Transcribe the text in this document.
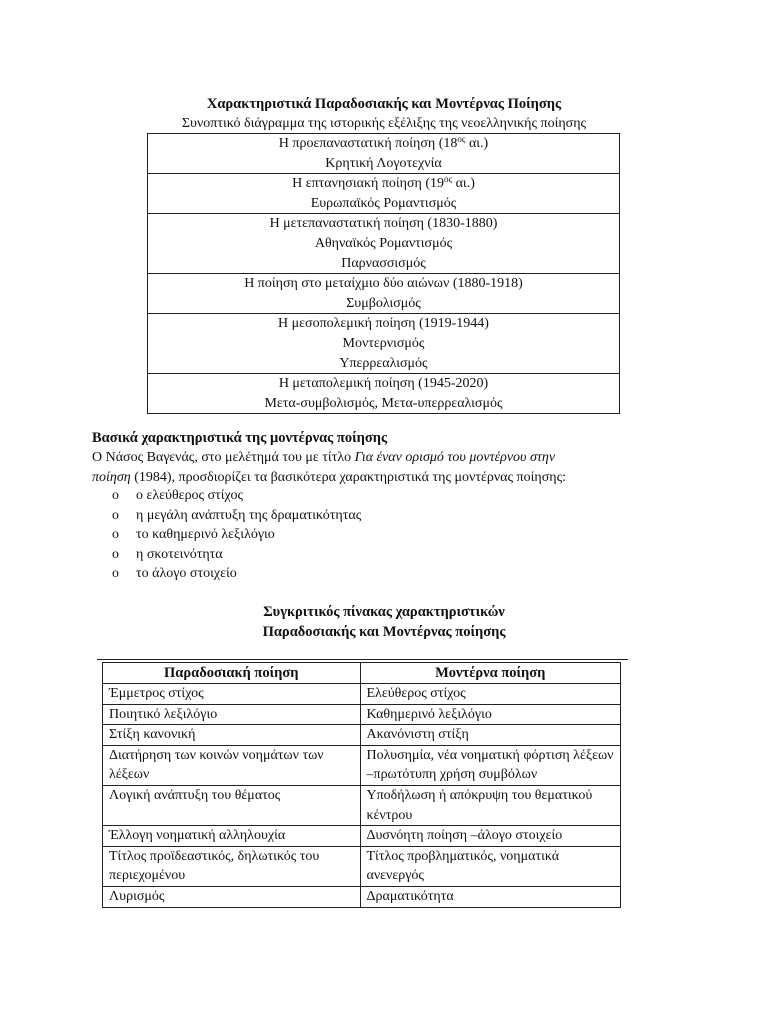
Χαρακτηριστικά Παραδοσιακής και Μοντέρνας Ποίησης
Συνοπτικό διάγραμμα της ιστορικής εξέλιξης της νεοελληνικής ποίησης
Η προεπαναστατική ποίηση ($18^{o\varsigma}$ αι.)
Κρητική Λογοτεχνία

Η επτανησιακή ποίηση ($19^{o\varsigma}$ αι.)
Ευρωπαϊκός Ρομαντισμός

Η μετεπαναστατική ποίηση (1830-1880)
Αθηναϊκός Ρομαντισμός
Παρνασσισμός

Η ποίηση στο μεταίχμιο δύο αιώνων (1880-1918)
Συμβολισμός

Η μεσοπολεμική ποίηση (1919-1944)
Μοντερνισμός
Υπερρεαλισμός

Η μεταπολεμική ποίηση (1945-2020)
Μετα-συμβολισμός, Μετα-υπερρεαλισμός
Βασικά χαρακτηριστικά της μοντέρνας ποίησης
Ο Νάσος Βαγενάς, στο μελέτημά του με τίτλο Για έναν ορισμό του μοντέρνου στην
ποίηση (1984), προσδιορίζει τα βασικότερα χαρακτηριστικά της μοντέρνας ποίησης:
o ο ελεύθερος στίχος
o η μεγάλη ανάπτυξη της δραματικότητας
o το καθημερινό λεξιλόγιο
o η σκοτεινότητα
o το άλογο στοιχείο
Συγκριτικός πίνακας χαρακτηριστικών
Παραδοσιακής και Μοντέρνας ποίησης
Παραδοσιακή ποίηση	Μοντέρνα ποίηση
Έμμετρος στίχος	Ελεύθερος στίχος
Ποιητικό λεξιλόγιο	Καθημερινό λεξιλόγιο
Στίξη κανονική	Ακανόνιστη στίξη
Διατήρηση των κοινών νοημάτων των λέξεων	Πολυσημία, νέα νοηματική φόρτιση λέξεων –πρωτότυπη χρήση συμβόλων
Λογική ανάπτυξη του θέματος	Υποδήλωση ή απόκρυψη του θεματικού κέντρου
Έλλογη νοηματική αλληλουχία	Δυσνόητη ποίηση –άλογο στοιχείο
Τίτλος προϊδεαστικός, δηλωτικός του περιεχομένου	Τίτλος προβληματικός, νοηματικά ανενεργός
Λυρισμός	Δραματικότητα
